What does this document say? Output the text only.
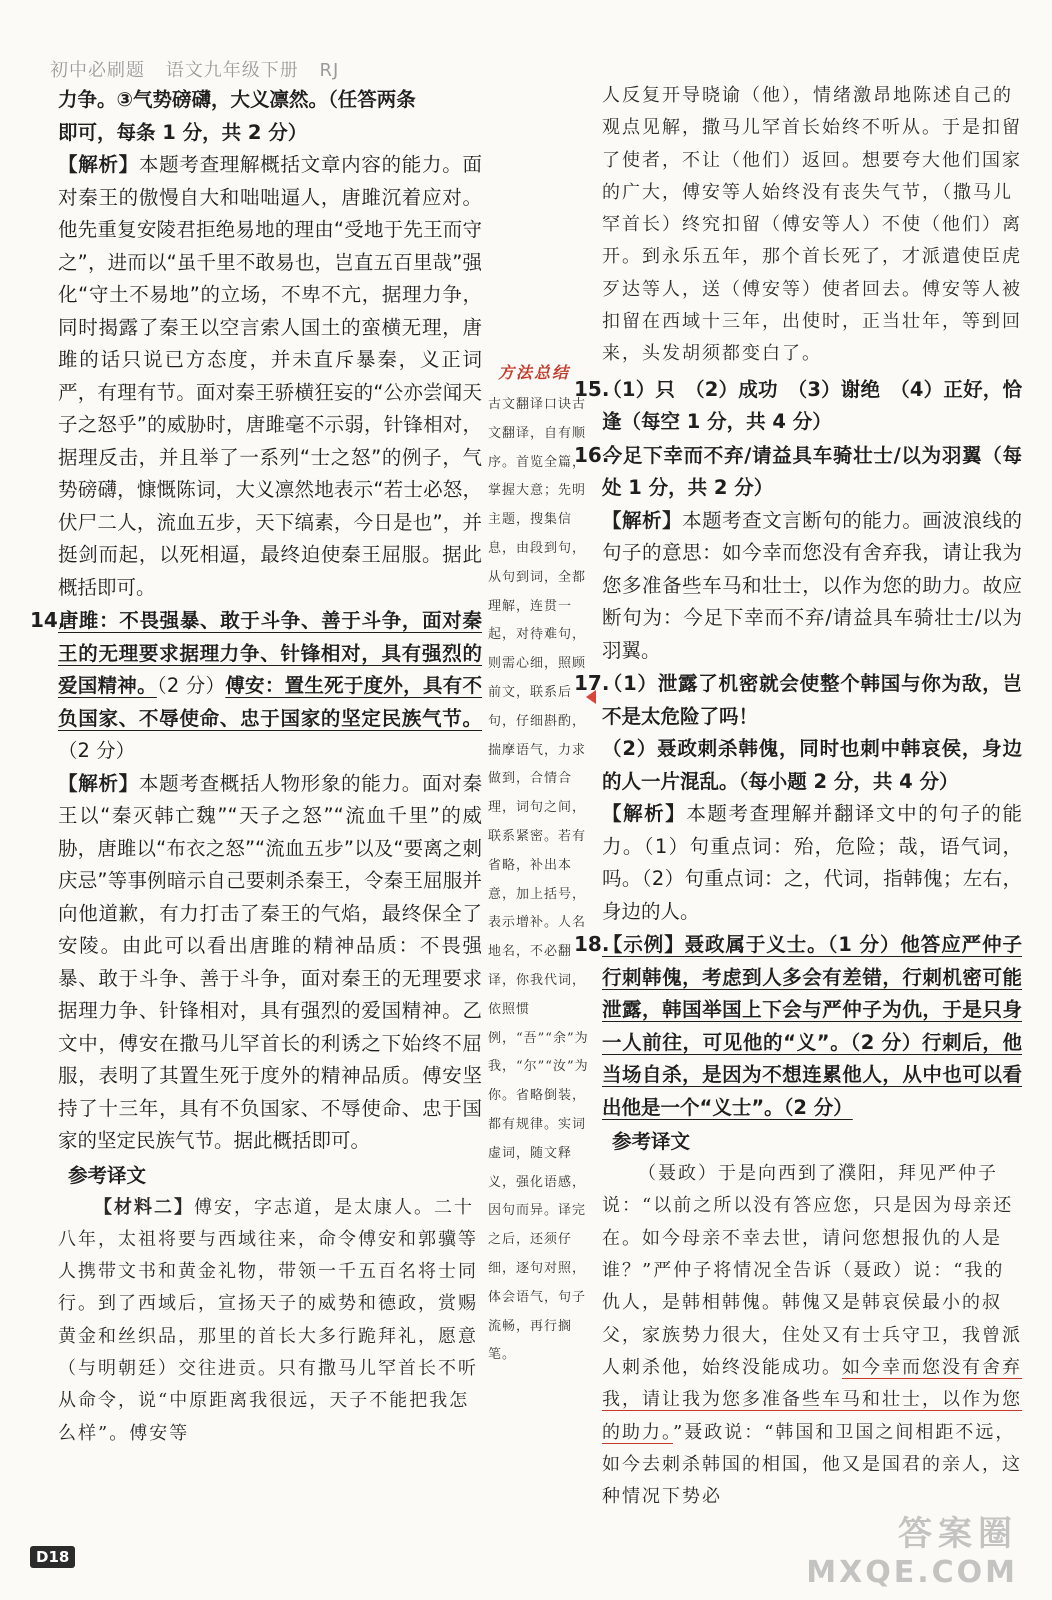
初中必刷题 语文九年级下册 RJ

力争。③气势磅礴，大义凛然。（任答两条
即可，每条 1 分，共 2 分）

【解析】本题考查理解概括文章内容的能力。面对秦王的傲慢自大和咄咄逼人，唐雎沉着应对。他先重复安陵君拒绝易地的理由“受地于先王而守之”，进而以“虽千里不敢易也，岂直五百里哉”强化“守土不易地”的立场，不卑不亢，据理力争，同时揭露了秦王以空言索人国土的蛮横无理，唐雎的话只说已方态度，并未直斥暴秦，义正词严，有理有节。面对秦王骄横狂妄的“公亦尝闻天子之怒乎”的威胁时，唐雎毫不示弱，针锋相对，据理反击，并且举了一系列“士之怒”的例子，气势磅礴，慷慨陈词，大义凛然地表示“若士必怒，伏尸二人，流血五步，天下缟素，今日是也”，并挺剑而起，以死相逼，最终迫使秦王屈服。据此概括即可。

14.唐雎：不畏强暴、敢于斗争、善于斗争，面对秦王的无理要求据理力争、针锋相对，具有强烈的爱国精神。（2 分）傅安：置生死于度外，具有不负国家、不辱使命、忠于国家的坚定民族气节。（2 分）

【解析】本题考查概括人物形象的能力。面对秦王以“秦灭韩亡魏”“天子之怒”“流血千里”的威胁，唐雎以“布衣之怒”“流血五步”以及“要离之刺庆忌”等事例暗示自己要刺杀秦王，令秦王屈服并向他道歉，有力打击了秦王的气焰，最终保全了安陵。由此可以看出唐雎的精神品质：不畏强暴、敢于斗争、善于斗争，面对秦王的无理要求据理力争、针锋相对，具有强烈的爱国精神。乙文中，傅安在撒马儿罕首长的利诱之下始终不屈服，表明了其置生死于度外的精神品质。傅安坚持了十三年，具有不负国家、不辱使命、忠于国家的坚定民族气节。据此概括即可。

参考译文

【材料二】傅安，字志道，是太康人。二十八年，太祖将要与西域往来，命令傅安和郭骥等人携带文书和黄金礼物，带领一千五百名将士同行。到了西域后，宣扬天子的威势和德政，赏赐黄金和丝织品，那里的首长大多行跪拜礼，愿意（与明朝廷）交往进贡。只有撒马儿罕首长不听从命令，说“中原距离我很远，天子不能把我怎么样”。傅安等

方法总结

古文翻译口诀古文翻译，自有顺序。首览全篇，掌握大意；先明主题，搜集信息，由段到句，从句到词，全都理解，连贯一起，对待难句，则需心细，照顾前文，联系后句，仔细斟酌，揣摩语气，力求做到，合情合理，词句之间，联系紧密。若有省略，补出本意，加上括号，表示增补。人名地名，不必翻译，你我代词，依照惯例，“吾”“余”为我，“尔”“汝”为你。省略倒装，都有规律。实词虚词，随文释义，强化语感，因句而异。译完之后，还须仔细，逐句对照，体会语气，句子流畅，再行搁笔。

人反复开导晓谕（他），情绪激昂地陈述自己的观点见解，撒马儿罕首长始终不听从。于是扣留了使者，不让（他们）返回。想要夸大他们国家的广大，傅安等人始终没有丧失气节，（撒马儿罕首长）终究扣留（傅安等人）不使（他们）离开。到永乐五年，那个首长死了，才派遣使臣虎歹达等人，送（傅安等）使者回去。傅安等人被扣留在西域十三年，出使时，正当壮年，等到回来，头发胡须都变白了。

15.（1）只　（2）成功　（3）谢绝　（4）正好，恰逢（每空 1 分，共 4 分）

16.今足下幸而不弃/请益具车骑壮士/以为羽翼（每处 1 分，共 2 分）

【解析】本题考查文言断句的能力。画波浪线的句子的意思：如今幸而您没有舍弃我，请让我为您多准备些车马和壮士，以作为您的助力。故应断句为：今足下幸而不弃/请益具车骑壮士/以为羽翼。

17.（1）泄露了机密就会使整个韩国与你为敌，岂不是太危险了吗！
（2）聂政刺杀韩傀，同时也刺中韩哀侯，身边的人一片混乱。（每小题 2 分，共 4 分）

【解析】本题考查理解并翻译文中的句子的能力。（1）句重点词：殆，危险；哉，语气词，吗。（2）句重点词：之，代词，指韩傀；左右，身边的人。

18.【示例】聂政属于义士。（1 分）他答应严仲子行刺韩傀，考虑到人多会有差错，行刺机密可能泄露，韩国举国上下会与严仲子为仇，于是只身一人前往，可见他的“义”。（2 分）行刺后，他当场自杀，是因为不想连累他人，从中也可以看出他是一个“义士”。（2 分）

参考译文

（聂政）于是向西到了濮阳，拜见严仲子说：“以前之所以没有答应您，只是因为母亲还在。如今母亲不幸去世，请问您想报仇的人是谁？”严仲子将情况全告诉（聂政）说：“我的仇人，是韩相韩傀。韩傀又是韩哀侯最小的叔父，家族势力很大，住处又有士兵守卫，我曾派人刺杀他，始终没能成功。如今幸而您没有舍弃我，请让我为您多准备些车马和壮士，以作为您的助力。”聂政说：“韩国和卫国之间相距不远，如今去刺杀韩国的相国，他又是国君的亲人，这种情况下势必

D18
答案圈
MXQE.COM
